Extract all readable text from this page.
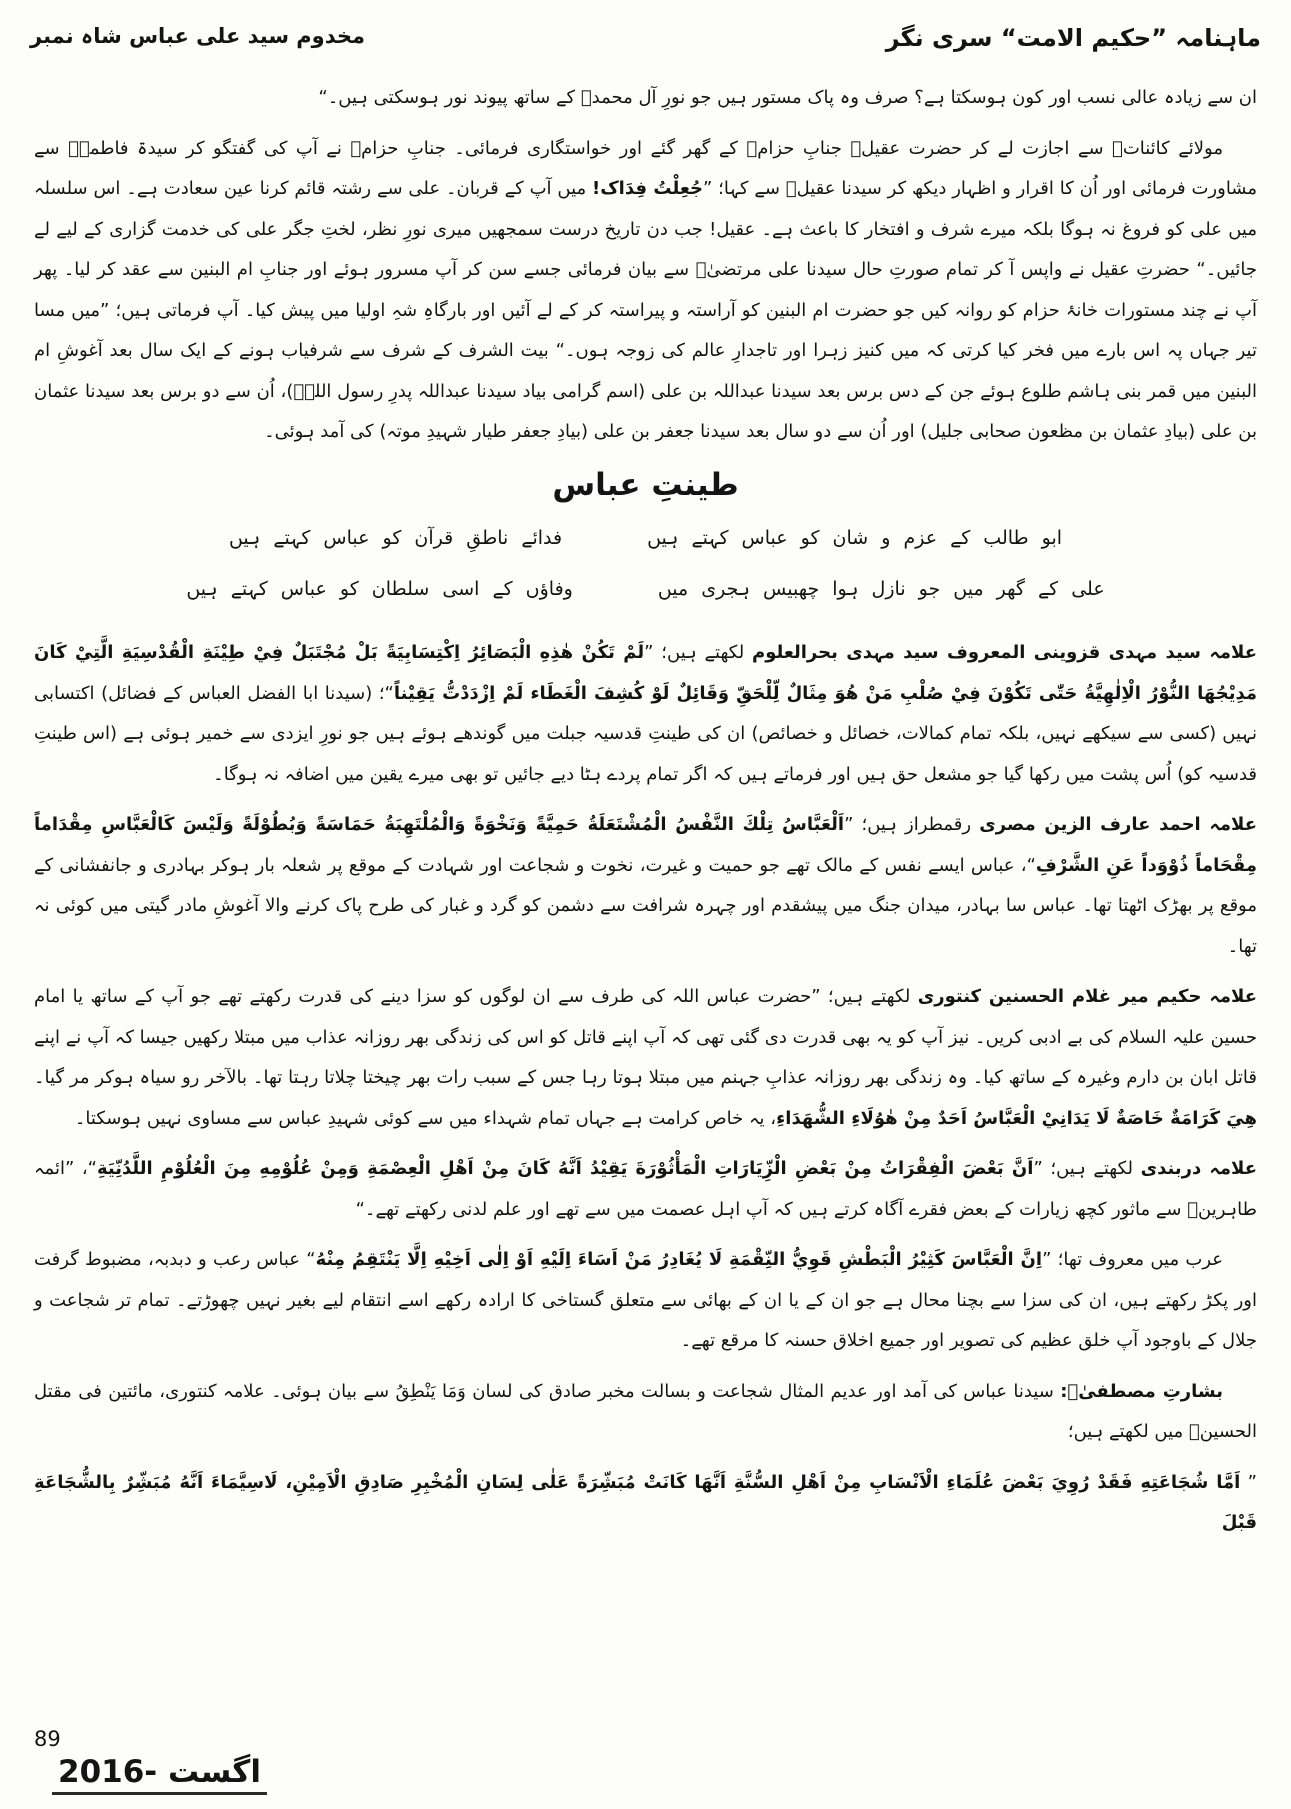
ماہنامہ ”حکیم الامت“ سری نگر
مخدوم سید علی عباس شاہ نمبر

ان سے زیادہ عالی نسب اور کون ہوسکتا ہے؟ صرف وہ پاک مستور ہیں جو نورِ آل محمدؐ کے ساتھ پیوند نور ہوسکتی ہیں۔“

مولائے کائناتؑ سے اجازت لے کر حضرت عقیلؑ جنابِ حزامؑ کے گھر گئے اور خواستگاری فرمائی۔ جنابِ حزامؑ نے آپ کی گفتگو کر سیدۃ فاطمہؑ سے مشاورت فرمائی اور اُن کا اقرار و اظہار دیکھ کر سیدنا عقیلؑ سے کہا؛ ”جُعِلْتُ فِدَاک! میں آپ کے قربان۔ علی سے رشتہ قائم کرنا عین سعادت ہے۔ اس سلسلہ میں علی کو فروغ نہ ہوگا بلکہ میرے شرف و افتخار کا باعث ہے۔ عقیل! جب دن تاریخ درست سمجھیں میری نورِ نظر، لختِ جگر علی کی خدمت گزاری کے لیے لے جائیں۔“ حضرتِ عقیل نے واپس آ کر تمام صورتِ حال سیدنا علی مرتضیٰؑ سے بیان فرمائی جسے سن کر آپ مسرور ہوئے اور جنابِ ام البنین سے عقد کر لیا۔ پھر آپ نے چند مستورات خانۂ حزام کو روانہ کیں جو حضرت ام البنین کو آراستہ و پیراستہ کر کے لے آئیں اور بارگاہِ شہِ اولیا میں پیش کیا۔ آپ فرماتی ہیں؛ ”میں مسا تیر جہاں پہ اس بارے میں فخر کیا کرتی کہ میں کنیز زہرا اور تاجدارِ عالم کی زوجہ ہوں۔“ بیت الشرف کے شرف سے شرفیاب ہونے کے ایک سال بعد آغوشِ ام البنین میں قمر بنی ہاشم طلوع ہوئے جن کے دس برس بعد سیدنا عبداللہ بن علی (اسم گرامی بیاد سیدنا عبداللہ پدرِ رسول اللہؐ)، اُن سے دو برس بعد سیدنا عثمان بن علی (بیادِ عثمان بن مظعون صحابی جلیل) اور اُن سے دو سال بعد سیدنا جعفر بن علی (بیادِ جعفر طیار شہیدِ موتہ) کی آمد ہوئی۔

طینتِ عباس
ابو طالب کے عزم و شان کو عباس کہتے ہیں
فدائے ناطقِ قرآن کو عباس کہتے ہیں
علی کے گھر میں جو نازل ہوا چھبیس ہجری میں
وفاؤں کے اسی سلطان کو عباس کہتے ہیں

علامہ سید مہدی قزوینی المعروف سید مہدی بحرالعلوم لکھتے ہیں؛ ”لَمْ تَكُنْ هٰذِهِ الْبَصَائِرُ اِكْتِسَابِيَةً بَلْ مُجْتَبَلٌ فِيْ طِيْنَةِ الْقُدْسِيَةِ الَّتِيْ كَانَ مَدِيْجُهَا النُّوْرُ الْاِلٰهِيَّةُ حَتّٰى تَكُوْنَ فِيْ صُلْبِ مَنْ هُوَ مِثَالٌ لِّلْحَقِّ وَقَائِلٌ لَوْ كُشِفَ الْغَطَاء لَمْ اِزْدَدْتُّ يَقِيْناً“؛ (سیدنا ابا الفضل العباس کے فضائل) اکتسابی نہیں (کسی سے سیکھے نہیں، بلکہ تمام کمالات، خصائل و خصائص) ان کی طینتِ قدسیہ جبلت میں گوندھے ہوئے ہیں جو نورِ ایزدی سے خمیر ہوئی ہے (اس طینتِ قدسیہ کو) اُس پشت میں رکھا گیا جو مشعل حق ہیں اور فرماتے ہیں کہ اگر تمام پردے ہٹا دیے جائیں تو بھی میرے یقین میں اضافہ نہ ہوگا۔

علامہ احمد عارف الزین مصری رقمطراز ہیں؛ ”اَلْعَبَّاسُ تِلْكَ النَّفْسُ الْمُشْتَعَلَةُ حَمِيَّةً وَنَخْوَةً وَالْمُلْتَهِبَةُ حَمَاسَةً وَبُطُوْلَةً وَلَيْسَ كَالْعَبَّاسِ مِقْدَاماً مِقْحَاماً ذُوْوَداً عَنِ الشَّرْفِ“، عباس ایسے نفس کے مالک تھے جو حمیت و غیرت، نخوت و شجاعت اور شہادت کے موقع پر شعلہ بار ہوکر بہادری و جانفشانی کے موقع پر بھڑک اٹھتا تھا۔ عباس سا بہادر، میدان جنگ میں پیشقدم اور چہرہ شرافت سے دشمن کو گرد و غبار کی طرح پاک کرنے والا آغوشِ مادر گیتی میں کوئی نہ تھا۔

علامہ حکیم میر غلام الحسنین کنتوری لکھتے ہیں؛ ”حضرت عباس اللہ کی طرف سے ان لوگوں کو سزا دینے کی قدرت رکھتے تھے جو آپ کے ساتھ یا امام حسین علیہ السلام کی بے ادبی کریں۔ نیز آپ کو یہ بھی قدرت دی گئی تھی کہ آپ اپنے قاتل کو اس کی زندگی بھر روزانہ عذاب میں مبتلا رکھیں جیسا کہ آپ نے اپنے قاتل ابان بن دارم وغیرہ کے ساتھ کیا۔ وہ زندگی بھر روزانہ عذابِ جہنم میں مبتلا ہوتا رہا جس کے سبب رات بھر چیختا چلاتا رہتا تھا۔ بالآخر رو سیاہ ہوکر مر گیا۔ هِيَ كَرَامَةٌ خَاصَةٌ لَا يَدَانِيْ الْعَبَّاسُ اَحَدٌ مِنْ هٰوُلَاءِ الشُّهَدَاءِ، یہ خاص کرامت ہے جہاں تمام شہداء میں سے کوئی شہیدِ عباس سے مساوی نہیں ہوسکتا۔

علامہ دربندی لکھتے ہیں؛ ”اَنَّ بَعْضَ الْفِقْرَاتُ مِنْ بَعْضِ الْزِّيَارَاتِ الْمَأْثُوْرَةَ يَقِيْدُ اَنَّهُ كَانَ مِنْ اَهْلِ الْعِصْمَةِ وَمِنْ عُلُوْمِهِ مِنَ الْعُلُوْمِ اللَّدُنِّيَةِ“، ”ائمہ طاہرینؑ سے ماثور کچھ زیارات کے بعض فقرے آگاہ کرتے ہیں کہ آپ اہل عصمت میں سے تھے اور علم لدنی رکھتے تھے۔“

عرب میں معروف تھا؛ ”اِنَّ الْعَبَّاسَ كَثِيْرُ الْبَطْشِ قَوِيُّ النِّقْمَةِ لَا يُغَادِرُ مَنْ اَسَاءَ اِلَيْهِ اَوْ اِلٰى اَخِيْهِ اِلَّا يَنْتَقِمُ مِنْهُ“ عباس رعب و دبدبہ، مضبوط گرفت اور پکڑ رکھتے ہیں، ان کی سزا سے بچنا محال ہے جو ان کے یا ان کے بھائی سے متعلق گستاخی کا ارادہ رکھے اسے انتقام لیے بغیر نہیں چھوڑتے۔ تمام تر شجاعت و جلال کے باوجود آپ خلق عظیم کی تصویر اور جمیع اخلاق حسنہ کا مرقع تھے۔

بشارتِ مصطفیٰؐ: سیدنا عباس کی آمد اور عدیم المثال شجاعت و بسالت مخبر صادق کی لسان وَمَا يَنْطِقُ سے بیان ہوئی۔ علامہ کنتوری، مائتین فی مقتل الحسینؑ میں لکھتے ہیں؛

” اَمَّا شُجَاعَتِهِ فَقَدْ رُوِيَ بَعْضَ عُلَمَاءِ الْاَنْسَابِ مِنْ اَهْلِ السُّنَّةِ اَنَّهَا كَانَتْ مُبَشِّرَةً عَلٰى لِسَانِ الْمُخْبِرِ صَادِقِ الْاَمِيْنِ، لَاسِيَّمَاءَ اَنَّهُ مُبَشِّرٌ بِالشُّجَاعَةِ قَبْلَ

89
اگست -2016
